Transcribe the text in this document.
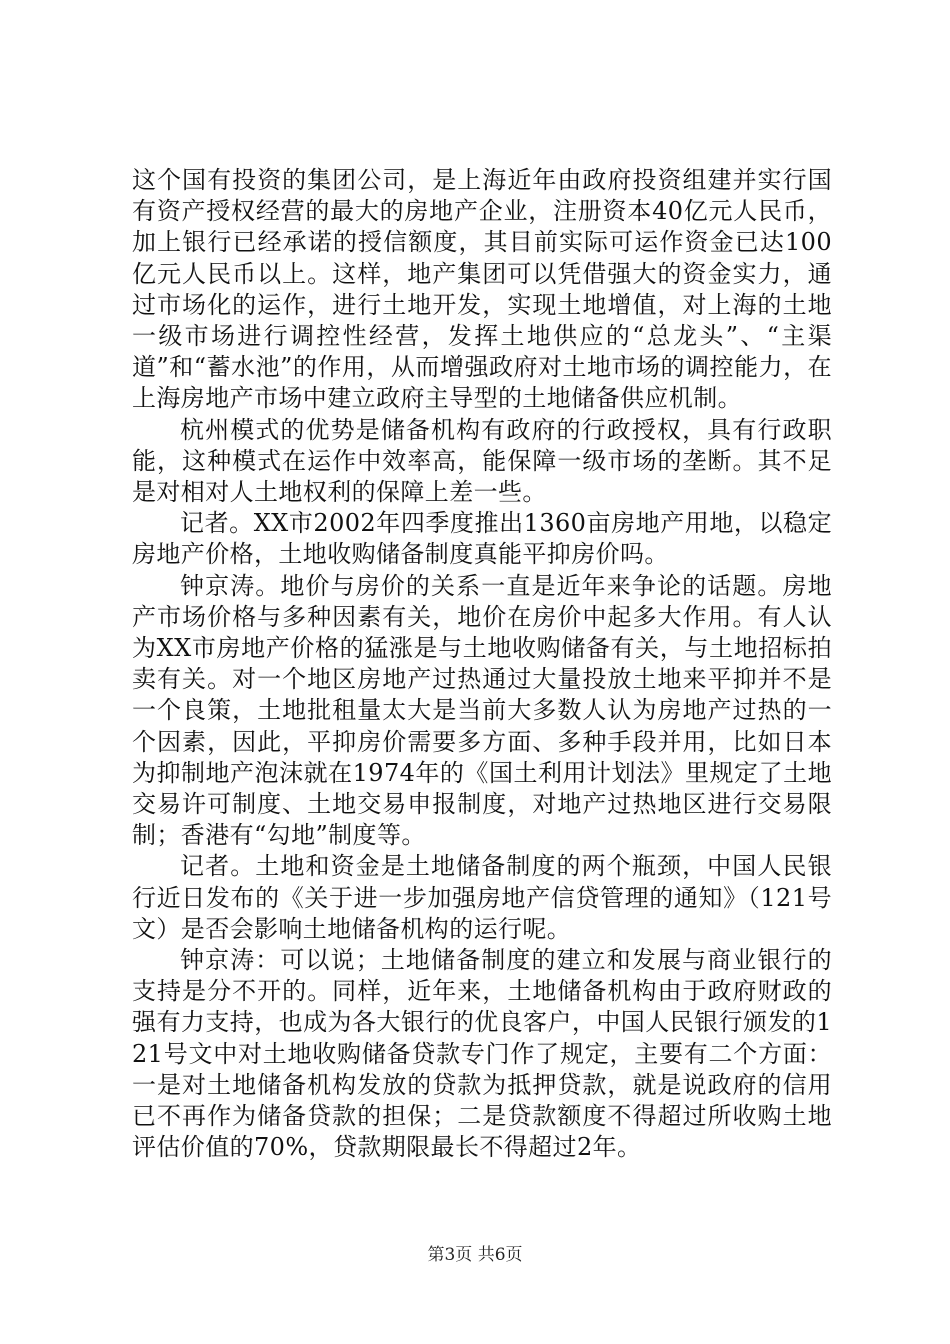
这个国有投资的集团公司，是上海近年由政府投资组建并实行国有资产授权经营的最大的房地产企业，注册资本40亿元人民币，加上银行已经承诺的授信额度，其目前实际可运作资金已达100亿元人民币以上。这样，地产集团可以凭借强大的资金实力，通过市场化的运作，进行土地开发，实现土地增值，对上海的土地一级市场进行调控性经营，发挥土地供应的“总龙头”、“主渠道”和“蓄水池”的作用，从而增强政府对土地市场的调控能力，在上海房地产市场中建立政府主导型的土地储备供应机制。

杭州模式的优势是储备机构有政府的行政授权，具有行政职能，这种模式在运作中效率高，能保障一级市场的垄断。其不足是对相对人土地权利的保障上差一些。

记者。XX市2002年四季度推出1360亩房地产用地，以稳定房地产价格，土地收购储备制度真能平抑房价吗。

钟京涛。地价与房价的关系一直是近年来争论的话题。房地产市场价格与多种因素有关，地价在房价中起多大作用。有人认为XX市房地产价格的猛涨是与土地收购储备有关，与土地招标拍卖有关。对一个地区房地产过热通过大量投放土地来平抑并不是一个良策，土地批租量太大是当前大多数人认为房地产过热的一个因素，因此，平抑房价需要多方面、多种手段并用，比如日本为抑制地产泡沫就在1974年的《国土利用计划法》里规定了土地交易许可制度、土地交易申报制度，对地产过热地区进行交易限制；香港有“勾地”制度等。

记者。土地和资金是土地储备制度的两个瓶颈，中国人民银行近日发布的《关于进一步加强房地产信贷管理的通知》（121号文）是否会影响土地储备机构的运行呢。

钟京涛：可以说；土地储备制度的建立和发展与商业银行的支持是分不开的。同样，近年来，土地储备机构由于政府财政的强有力支持，也成为各大银行的优良客户，中国人民银行颁发的121号文中对土地收购储备贷款专门作了规定，主要有二个方面：一是对土地储备机构发放的贷款为抵押贷款，就是说政府的信用已不再作为储备贷款的担保；二是贷款额度不得超过所收购土地评估价值的70%，贷款期限最长不得超过2年。

第3页 共6页
